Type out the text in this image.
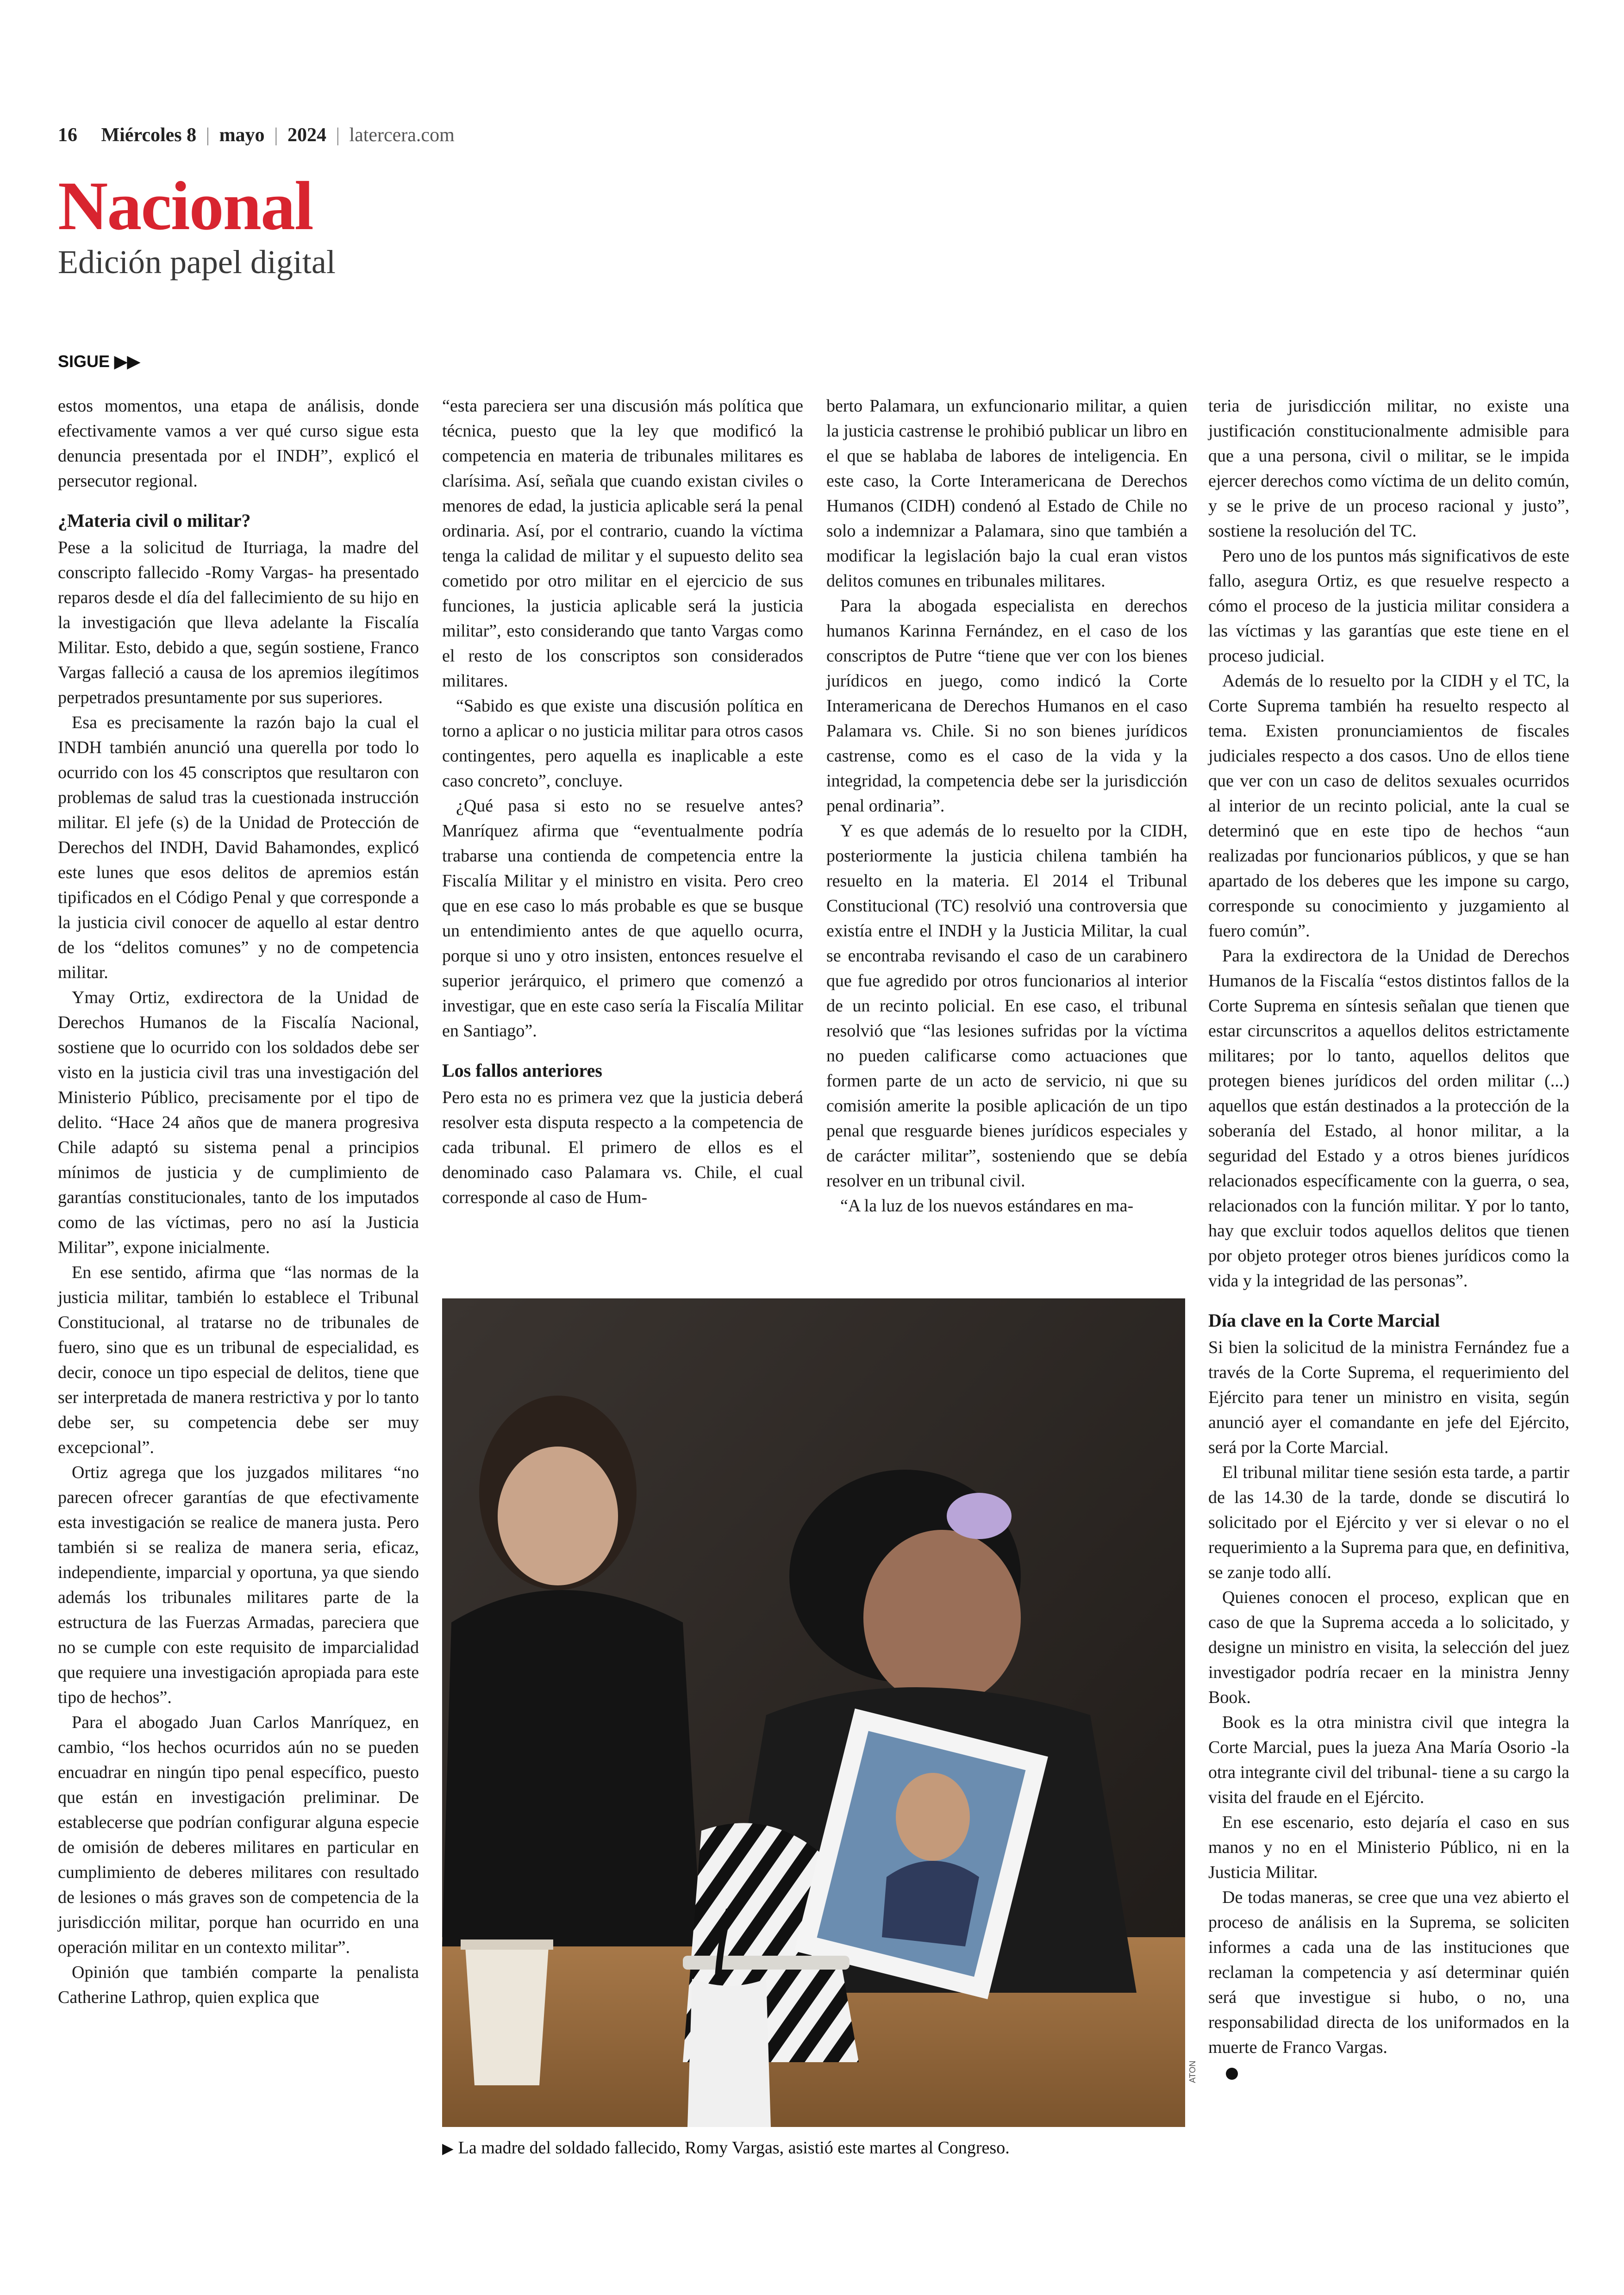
16 Miércoles 8 | mayo | 2024 | latercera.com
Nacional
Edición papel digital
SIGUE ▶▶

estos momentos, una etapa de análisis, donde efectivamente vamos a ver qué curso sigue esta denuncia presentada por el INDH”, explicó el persecutor regional.

¿Materia civil o militar?

Pese a la solicitud de Iturriaga, la madre del conscripto fallecido -Romy Vargas- ha presentado reparos desde el día del fallecimiento de su hijo en la investigación que lleva adelante la Fiscalía Militar. Esto, debido a que, según sostiene, Franco Vargas falleció a causa de los apremios ilegítimos perpetrados presuntamente por sus superiores.

Esa es precisamente la razón bajo la cual el INDH también anunció una querella por todo lo ocurrido con los 45 conscriptos que resultaron con problemas de salud tras la cuestionada instrucción militar. El jefe (s) de la Unidad de Protección de Derechos del INDH, David Bahamondes, explicó este lunes que esos delitos de apremios están tipificados en el Código Penal y que corresponde a la justicia civil conocer de aquello al estar dentro de los “delitos comunes” y no de competencia militar.

Ymay Ortiz, exdirectora de la Unidad de Derechos Humanos de la Fiscalía Nacional, sostiene que lo ocurrido con los soldados debe ser visto en la justicia civil tras una investigación del Ministerio Público, precisamente por el tipo de delito. “Hace 24 años que de manera progresiva Chile adaptó su sistema penal a principios mínimos de justicia y de cumplimiento de garantías constitucionales, tanto de los imputados como de las víctimas, pero no así la Justicia Militar”, expone inicialmente.

En ese sentido, afirma que “las normas de la justicia militar, también lo establece el Tribunal Constitucional, al tratarse no de tribunales de fuero, sino que es un tribunal de especialidad, es decir, conoce un tipo especial de delitos, tiene que ser interpretada de manera restrictiva y por lo tanto debe ser, su competencia debe ser muy excepcional”.

Ortiz agrega que los juzgados militares “no parecen ofrecer garantías de que efectivamente esta investigación se realice de manera justa. Pero también si se realiza de manera seria, eficaz, independiente, imparcial y oportuna, ya que siendo además los tribunales militares parte de la estructura de las Fuerzas Armadas, pareciera que no se cumple con este requisito de imparcialidad que requiere una investigación apropiada para este tipo de hechos”.

Para el abogado Juan Carlos Manríquez, en cambio, “los hechos ocurridos aún no se pueden encuadrar en ningún tipo penal específico, puesto que están en investigación preliminar. De establecerse que podrían configurar alguna especie de omisión de deberes militares en particular en cumplimiento de deberes militares con resultado de lesiones o más graves son de competencia de la jurisdicción militar, porque han ocurrido en una operación militar en un contexto militar”.

Opinión que también comparte la penalista Catherine Lathrop, quien explica que

“esta pareciera ser una discusión más política que técnica, puesto que la ley que modificó la competencia en materia de tribunales militares es clarísima. Así, señala que cuando existan civiles o menores de edad, la justicia aplicable será la penal ordinaria. Así, por el contrario, cuando la víctima tenga la calidad de militar y el supuesto delito sea cometido por otro militar en el ejercicio de sus funciones, la justicia aplicable será la justicia militar”, esto considerando que tanto Vargas como el resto de los conscriptos son considerados militares.

“Sabido es que existe una discusión política en torno a aplicar o no justicia militar para otros casos contingentes, pero aquella es inaplicable a este caso concreto”, concluye.

¿Qué pasa si esto no se resuelve antes? Manríquez afirma que “eventualmente podría trabarse una contienda de competencia entre la Fiscalía Militar y el ministro en visita. Pero creo que en ese caso lo más probable es que se busque un entendimiento antes de que aquello ocurra, porque si uno y otro insisten, entonces resuelve el superior jerárquico, el primero que comenzó a investigar, que en este caso sería la Fiscalía Militar en Santiago”.

Los fallos anteriores

Pero esta no es primera vez que la justicia deberá resolver esta disputa respecto a la competencia de cada tribunal. El primero de ellos es el denominado caso Palamara vs. Chile, el cual corresponde al caso de Hum-

berto Palamara, un exfuncionario militar, a quien la justicia castrense le prohibió publicar un libro en el que se hablaba de labores de inteligencia. En este caso, la Corte Interamericana de Derechos Humanos (CIDH) condenó al Estado de Chile no solo a indemnizar a Palamara, sino que también a modificar la legislación bajo la cual eran vistos delitos comunes en tribunales militares.

Para la abogada especialista en derechos humanos Karinna Fernández, en el caso de los conscriptos de Putre “tiene que ver con los bienes jurídicos en juego, como indicó la Corte Interamericana de Derechos Humanos en el caso Palamara vs. Chile. Si no son bienes jurídicos castrense, como es el caso de la vida y la integridad, la competencia debe ser la jurisdicción penal ordinaria”.

Y es que además de lo resuelto por la CIDH, posteriormente la justicia chilena también ha resuelto en la materia. El 2014 el Tribunal Constitucional (TC) resolvió una controversia que existía entre el INDH y la Justicia Militar, la cual se encontraba revisando el caso de un carabinero que fue agredido por otros funcionarios al interior de un recinto policial. En ese caso, el tribunal resolvió que “las lesiones sufridas por la víctima no pueden calificarse como actuaciones que formen parte de un acto de servicio, ni que su comisión amerite la posible aplicación de un tipo penal que resguarde bienes jurídicos especiales y de carácter militar”, sosteniendo que se debía resolver en un tribunal civil.

“A la luz de los nuevos estándares en ma-

teria de jurisdicción militar, no existe una justificación constitucionalmente admisible para que a una persona, civil o militar, se le impida ejercer derechos como víctima de un delito común, y se le prive de un proceso racional y justo”, sostiene la resolución del TC.

Pero uno de los puntos más significativos de este fallo, asegura Ortiz, es que resuelve respecto a cómo el proceso de la justicia militar considera a las víctimas y las garantías que este tiene en el proceso judicial.

Además de lo resuelto por la CIDH y el TC, la Corte Suprema también ha resuelto respecto al tema. Existen pronunciamientos de fiscales judiciales respecto a dos casos. Uno de ellos tiene que ver con un caso de delitos sexuales ocurridos al interior de un recinto policial, ante la cual se determinó que en este tipo de hechos “aun realizadas por funcionarios públicos, y que se han apartado de los deberes que les impone su cargo, corresponde su conocimiento y juzgamiento al fuero común”.

Para la exdirectora de la Unidad de Derechos Humanos de la Fiscalía “estos distintos fallos de la Corte Suprema en síntesis señalan que tienen que estar circunscritos a aquellos delitos estrictamente militares; por lo tanto, aquellos delitos que protegen bienes jurídicos del orden militar (...) aquellos que están destinados a la protección de la soberanía del Estado, al honor militar, a la seguridad del Estado y a otros bienes jurídicos relacionados específicamente con la guerra, o sea, relacionados con la función militar. Y por lo tanto, hay que excluir todos aquellos delitos que tienen por objeto proteger otros bienes jurídicos como la vida y la integridad de las personas”.

Día clave en la Corte Marcial

Si bien la solicitud de la ministra Fernández fue a través de la Corte Suprema, el requerimiento del Ejército para tener un ministro en visita, según anunció ayer el comandante en jefe del Ejército, será por la Corte Marcial.

El tribunal militar tiene sesión esta tarde, a partir de las 14.30 de la tarde, donde se discutirá lo solicitado por el Ejército y ver si elevar o no el requerimiento a la Suprema para que, en definitiva, se zanje todo allí.

Quienes conocen el proceso, explican que en caso de que la Suprema acceda a lo solicitado, y designe un ministro en visita, la selección del juez investigador podría recaer en la ministra Jenny Book.

Book es la otra ministra civil que integra la Corte Marcial, pues la jueza Ana María Osorio -la otra integrante civil del tribunal- tiene a su cargo la visita del fraude en el Ejército.

En ese escenario, esto dejaría el caso en sus manos y no en el Ministerio Público, ni en la Justicia Militar.

De todas maneras, se cree que una vez abierto el proceso de análisis en la Suprema, se soliciten informes a cada una de las instituciones que reclaman la competencia y así determinar quién será que investigue si hubo, o no, una responsabilidad directa de los uniformados en la muerte de Franco Vargas.

ATON
▶ La madre del soldado fallecido, Romy Vargas, asistió este martes al Congreso.
